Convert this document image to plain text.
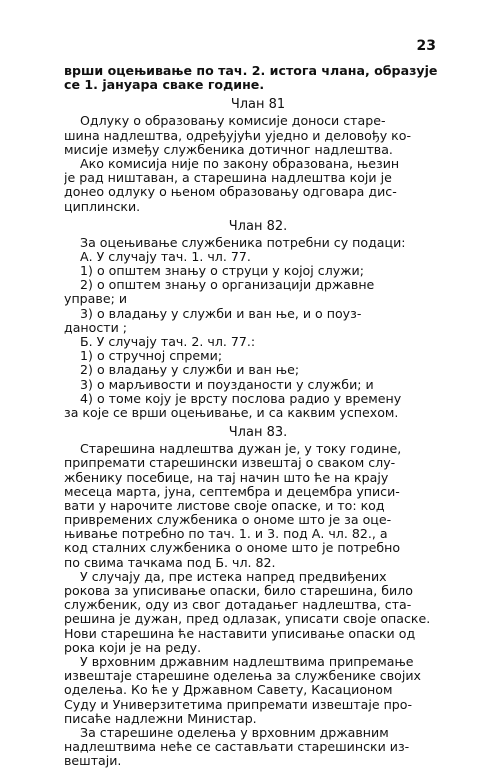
23
врши оцењивање по тач. 2. истога члана, образује
се 1. јануара сваке године.
Члан 81
Одлуку о образовању комисије доноси старе-
шина надлештва, одређујући уједно и деловођу ко-
мисије између службеника дотичног надлештва.
Ако комисија није по закону образована, њезин
је рад ништаван, а старешина надлештва који је
донео одлуку о њеном образовању одговара дис-
циплински.
Члан 82.
За оцењивање службеника потребни су подаци:
А. У случају тач. 1. чл. 77.
1) о општем знању о струци у којој служи;
2) о општем знању о организацији државне
управе; и
3) о владању у служби и ван ње, и о поуз-
даности ;
Б. У случају тач. 2. чл. 77.:
1) о стручној спреми;
2) о владању у служби и ван ње;
3) о марљивости и поузданости у служби; и
4) о томе коју је врсту послова радио у времену
за које се врши оцењивање, и са каквим успехом.
Члан 83.
Старешина надлештва дужан је, у току године,
припремати старешински извештај о сваком слу-
жбенику посебице, на тај начин што ће на крају
месеца марта, јуна, септембра и децембра уписи-
вати у нарочите листове своје опаске, и то: код
привремених службеника о ономе што је за оце-
њивање потребно по тач. 1. и 3. под А. чл. 82., а
код сталних службеника о ономе што је потребно
по свима тачкама под Б. чл. 82.
У случају да, пре истека напред предвиђених
рокова за уписивање опаски, било старешина, било
службеник, оду из свог дотадањег надлештва, ста-
решина је дужан, пред одлазак, уписати своје опаске.
Нови старешина ће наставити уписивање опаски од
рока који је на реду.
У врховним државним надлештвима припремање
извештаје старешине оделења за службенике својих
оделења. Ко ће у Државном Савету, Касационом
Суду и Универзитетима припремати извештаје про-
писаће надлежни Министар.
За старешине оделења у врховним државним
надлештвима неће се састављати старешински из-
вештаји.
